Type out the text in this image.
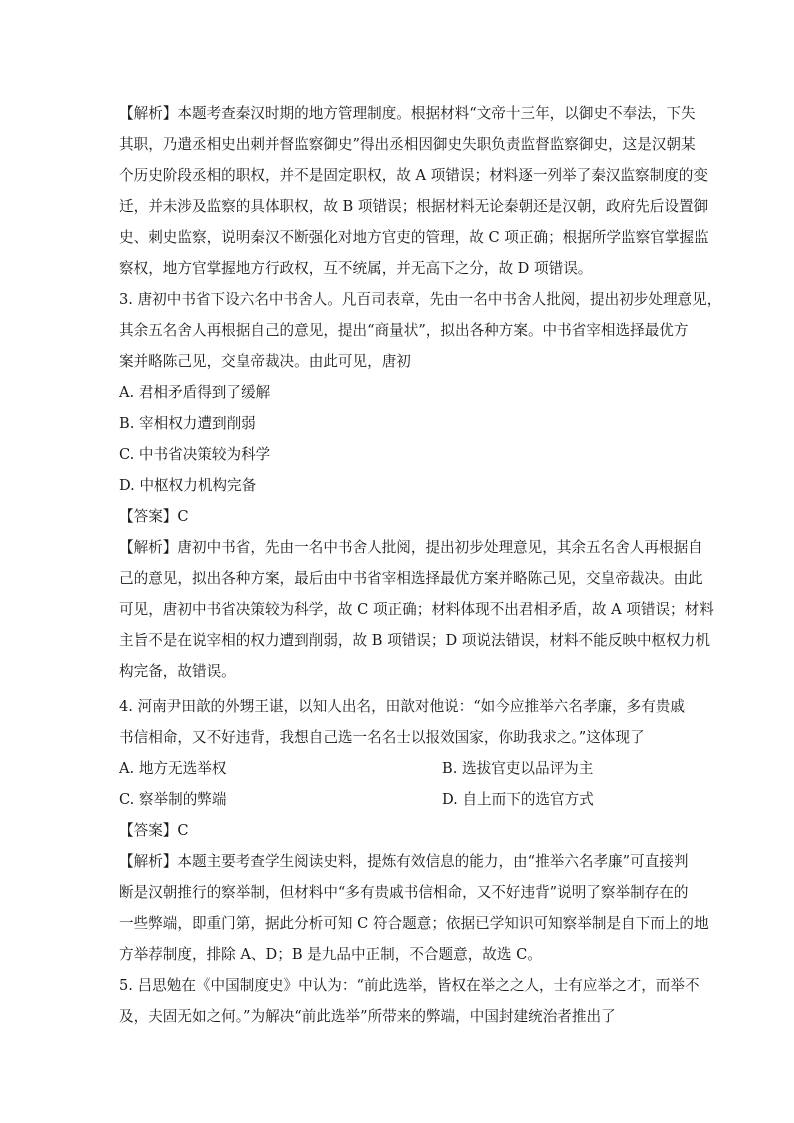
【解析】本题考查秦汉时期的地方管理制度。根据材料“文帝十三年，以御史不奉法，下失
其职，乃遣丞相史出刺并督监察御史”得出丞相因御史失职负责监督监察御史，这是汉朝某
个历史阶段丞相的职权，并不是固定职权，故 A 项错误；材料逐一列举了秦汉监察制度的变
迁，并未涉及监察的具体职权，故 B 项错误；根据材料无论秦朝还是汉朝，政府先后设置御
史、刺史监察，说明秦汉不断强化对地方官吏的管理，故 C 项正确；根据所学监察官掌握监
察权，地方官掌握地方行政权，互不统属，并无高下之分，故 D 项错误。
3. 唐初中书省下设六名中书舍人。凡百司表章，先由一名中书舍人批阅，提出初步处理意见，
其余五名舍人再根据自己的意见，提出“商量状”，拟出各种方案。中书省宰相选择最优方
案并略陈己见，交皇帝裁决。由此可见，唐初
A. 君相矛盾得到了缓解
B. 宰相权力遭到削弱
C. 中书省决策较为科学
D. 中枢权力机构完备
【答案】C
【解析】唐初中书省，先由一名中书舍人批阅，提出初步处理意见，其余五名舍人再根据自
己的意见，拟出各种方案，最后由中书省宰相选择最优方案并略陈己见，交皇帝裁决。由此
可见，唐初中书省决策较为科学，故 C 项正确；材料体现不出君相矛盾，故 A 项错误；材料
主旨不是在说宰相的权力遭到削弱，故 B 项错误；D 项说法错误，材料不能反映中枢权力机
构完备，故错误。
4. 河南尹田歆的外甥王谌，以知人出名，田歆对他说：“如今应推举六名孝廉，多有贵戚
书信相命，又不好违背，我想自己选一名名士以报效国家，你助我求之。”这体现了
A. 地方无选举权	B. 选拔官吏以品评为主
C. 察举制的弊端	D. 自上而下的选官方式
【答案】C
【解析】本题主要考查学生阅读史料，提炼有效信息的能力，由“推举六名孝廉”可直接判
断是汉朝推行的察举制，但材料中“多有贵戚书信相命，又不好违背”说明了察举制存在的
一些弊端，即重门第，据此分析可知 C 符合题意；依据已学知识可知察举制是自下而上的地
方举荐制度，排除 A、D；B 是九品中正制，不合题意，故选 C。
5. 吕思勉在《中国制度史》中认为：“前此选举，皆权在举之之人，士有应举之才，而举不
及，夫固无如之何。”为解决“前此选举”所带来的弊端，中国封建统治者推出了
